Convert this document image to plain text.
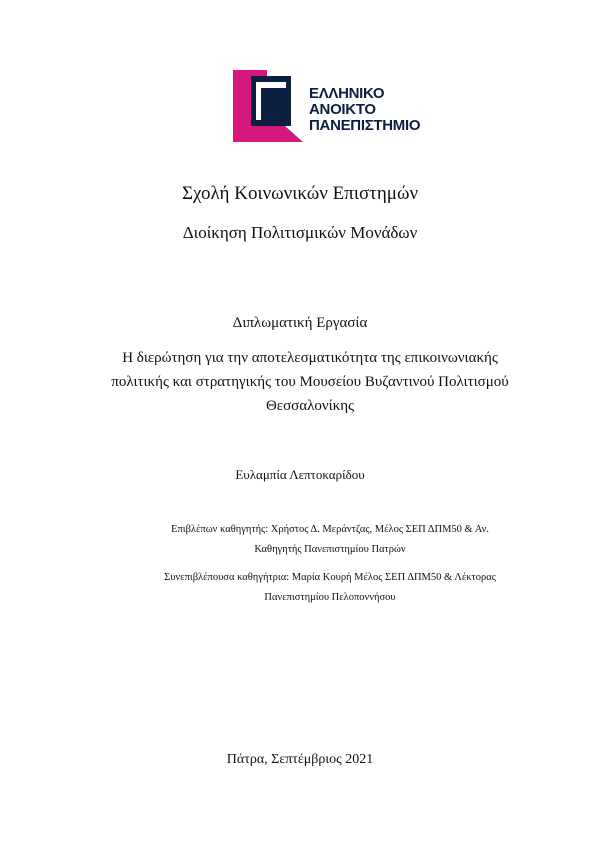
ΕΛΛΗΝΙΚΟ
ΑΝΟΙΚΤΟ
ΠΑΝΕΠΙΣΤΗΜΙΟ
Σχολή Κοινωνικών Επιστημών
Διοίκηση Πολιτισμικών Μονάδων
Διπλωματική Εργασία
Η διερώτηση για την αποτελεσματικότητα της επικοινωνιακής
πολιτικής και στρατηγικής του Μουσείου Βυζαντινού Πολιτισμού
Θεσσαλονίκης
Ευλαμπία Λεπτοκαρίδου
Επιβλέπων καθηγητής: Χρήστος Δ. Μεράντζας, Μέλος ΣΕΠ ΔΠΜ50 & Αν.
Καθηγητής Πανεπιστημίου Πατρών
Συνεπιβλέπουσα καθηγήτρια: Μαρία Κουρή Μέλος ΣΕΠ ΔΠΜ50 & Λέκτορας
Πανεπιστημίου Πελοποννήσου
Πάτρα, Σεπτέμβριος 2021
